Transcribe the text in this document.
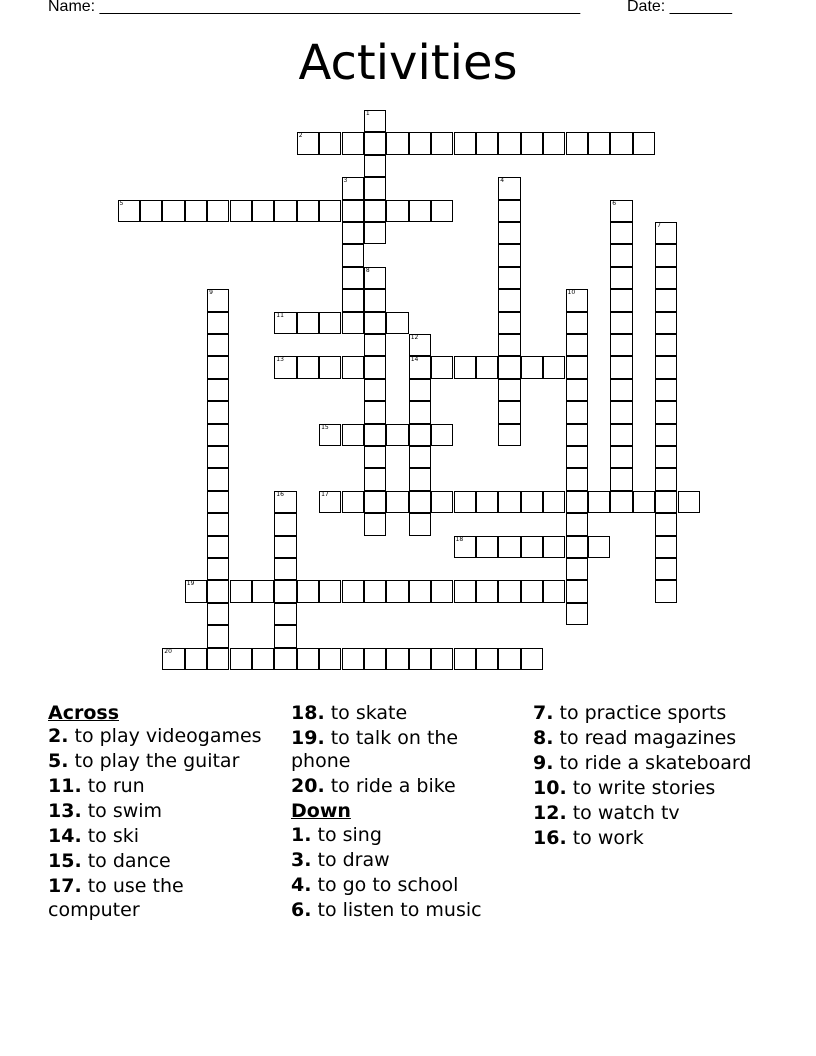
Name: ______________________________________________________	Date: _______
Activities
1
2
3	4
5	6
7
8
9	10
11
12
14
13
15
16	17
18
19
20
Across
2. to play videogames
5. to play the guitar
11. to run
13. to swim
14. to ski
15. to dance
17. to use the computer
18. to skate
19. to talk on the phone
20. to ride a bike
Down
1. to sing
3. to draw
4. to go to school
6. to listen to music
7. to practice sports
8. to read magazines
9. to ride a skateboard
10. to write stories
12. to watch tv
16. to work
